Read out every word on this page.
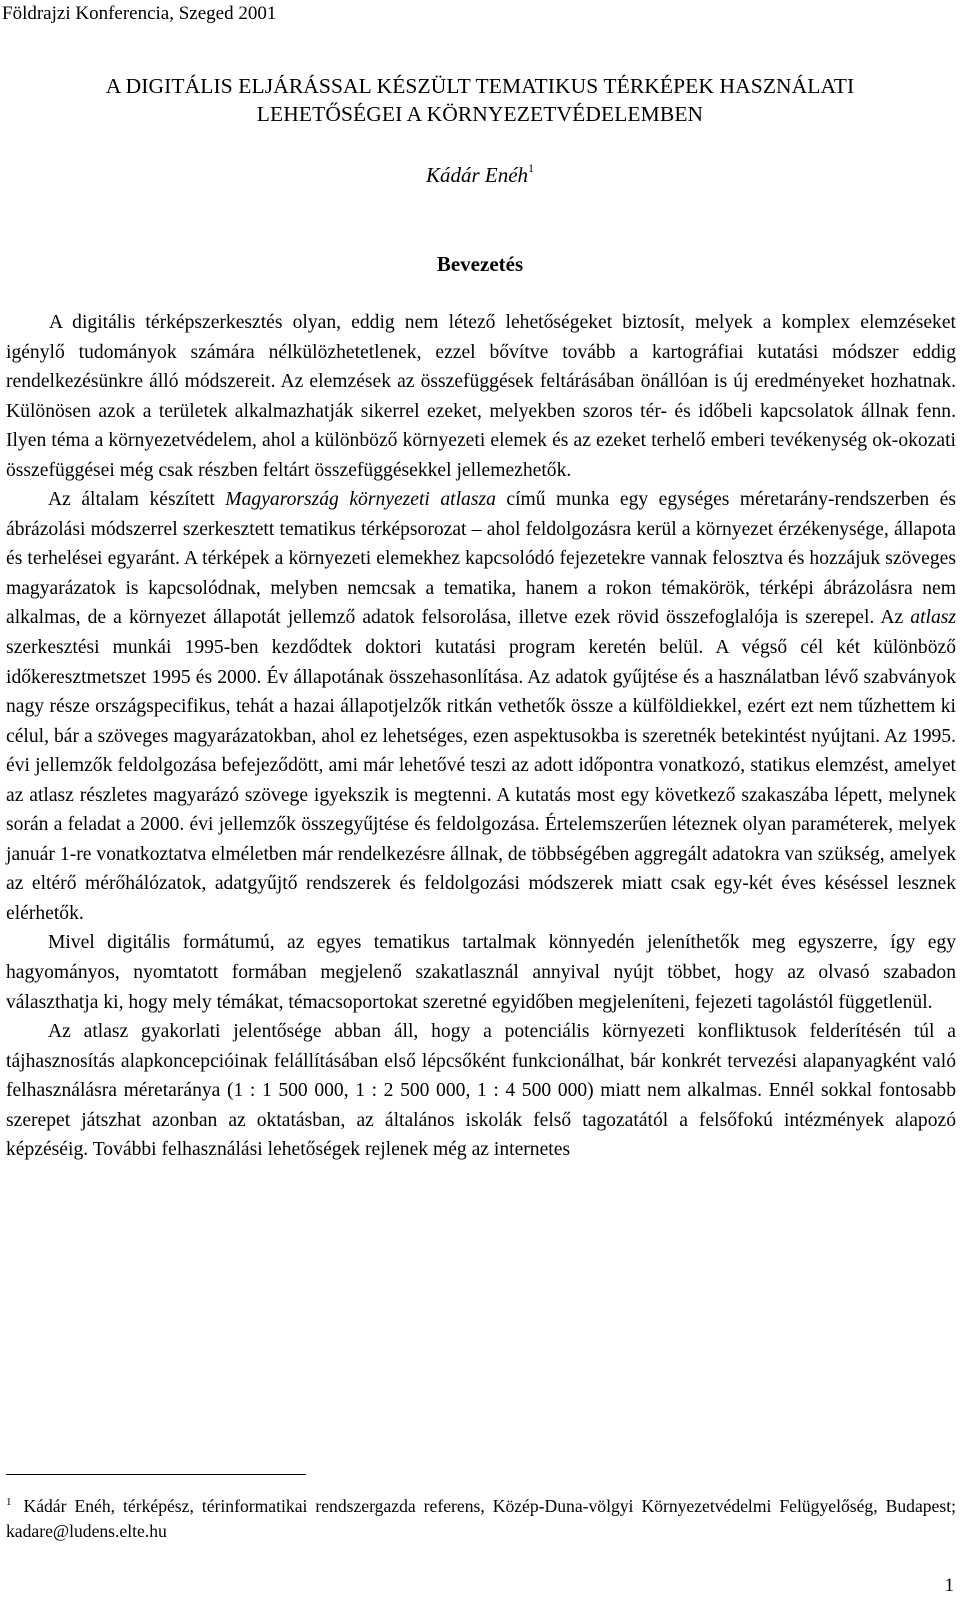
Földrajzi Konferencia, Szeged 2001
A DIGITÁLIS ELJÁRÁSSAL KÉSZÜLT TEMATIKUS TÉRKÉPEK HASZNÁLATI
LEHETŐSÉGEI A KÖRNYEZETVÉDELEMBEN
Kádár Enéh$^1$
Bevezetés

A digitális térképszerkesztés olyan, eddig nem létező lehetőségeket biztosít, melyek a komplex elemzéseket igénylő tudományok számára nélkülözhetetlenek, ezzel bővítve tovább a kartográfiai kutatási módszer eddig rendelkezésünkre álló módszereit. Az elemzések az összefüggések feltárásában önállóan is új eredményeket hozhatnak. Különösen azok a területek alkalmazhatják sikerrel ezeket, melyekben szoros tér- és időbeli kapcsolatok állnak fenn. Ilyen téma a környezetvédelem, ahol a különböző környezeti elemek és az ezeket terhelő emberi tevékenység ok-okozati összefüggései még csak részben feltárt összefüggésekkel jellemezhetők.

Az általam készített Magyarország környezeti atlasza című munka egy egységes méretarány-rendszerben és ábrázolási módszerrel szerkesztett tematikus térképsorozat – ahol feldolgozásra kerül a környezet érzékenysége, állapota és terhelései egyaránt. A térképek a környezeti elemekhez kapcsolódó fejezetekre vannak felosztva és hozzájuk szöveges magyarázatok is kapcsolódnak, melyben nemcsak a tematika, hanem a rokon témakörök, térképi ábrázolásra nem alkalmas, de a környezet állapotát jellemző adatok felsorolása, illetve ezek rövid összefoglalója is szerepel. Az atlasz szerkesztési munkái 1995-ben kezdődtek doktori kutatási program keretén belül. A végső cél két különböző időkeresztmetszet 1995 és 2000. Év állapotának összehasonlítása. Az adatok gyűjtése és a használatban lévő szabványok nagy része országspecifikus, tehát a hazai állapotjelzők ritkán vethetők össze a külföldiekkel, ezért ezt nem tűzhettem ki célul, bár a szöveges magyarázatokban, ahol ez lehetséges, ezen aspektusokba is szeretnék betekintést nyújtani. Az 1995. évi jellemzők feldolgozása befejeződött, ami már lehetővé teszi az adott időpontra vonatkozó, statikus elemzést, amelyet az atlasz részletes magyarázó szövege igyekszik is megtenni. A kutatás most egy következő szakaszába lépett, melynek során a feladat a 2000. évi jellemzők összegyűjtése és feldolgozása. Értelemszerűen léteznek olyan paraméterek, melyek január 1-re vonatkoztatva elméletben már rendelkezésre állnak, de többségében aggregált adatokra van szükség, amelyek az eltérő mérőhálózatok, adatgyűjtő rendszerek és feldolgozási módszerek miatt csak egy-két éves késéssel lesznek elérhetők.

Mivel digitális formátumú, az egyes tematikus tartalmak könnyedén jeleníthetők meg egyszerre, így egy hagyományos, nyomtatott formában megjelenő szakatlasznál annyival nyújt többet, hogy az olvasó szabadon választhatja ki, hogy mely témákat, témacsoportokat szeretné egyidőben megjeleníteni, fejezeti tagolástól függetlenül.

Az atlasz gyakorlati jelentősége abban áll, hogy a potenciális környezeti konfliktusok felderítésén túl a tájhasznosítás alapkoncepcióinak felállításában első lépcsőként funkcionálhat, bár konkrét tervezési alapanyagként való felhasználásra méretaránya (1 : 1 500 000, 1 : 2 500 000, 1 : 4 500 000) miatt nem alkalmas. Ennél sokkal fontosabb szerepet játszhat azonban az oktatásban, az általános iskolák felső tagozatától a felsőfokú intézmények alapozó képzéséig. További felhasználási lehetőségek rejlenek még az internetes

$^1$ Kádár Enéh, térképész, térinformatikai rendszergazda referens, Közép-Duna-völgyi Környezetvédelmi Felügyelőség, Budapest; kadare@ludens.elte.hu
1
